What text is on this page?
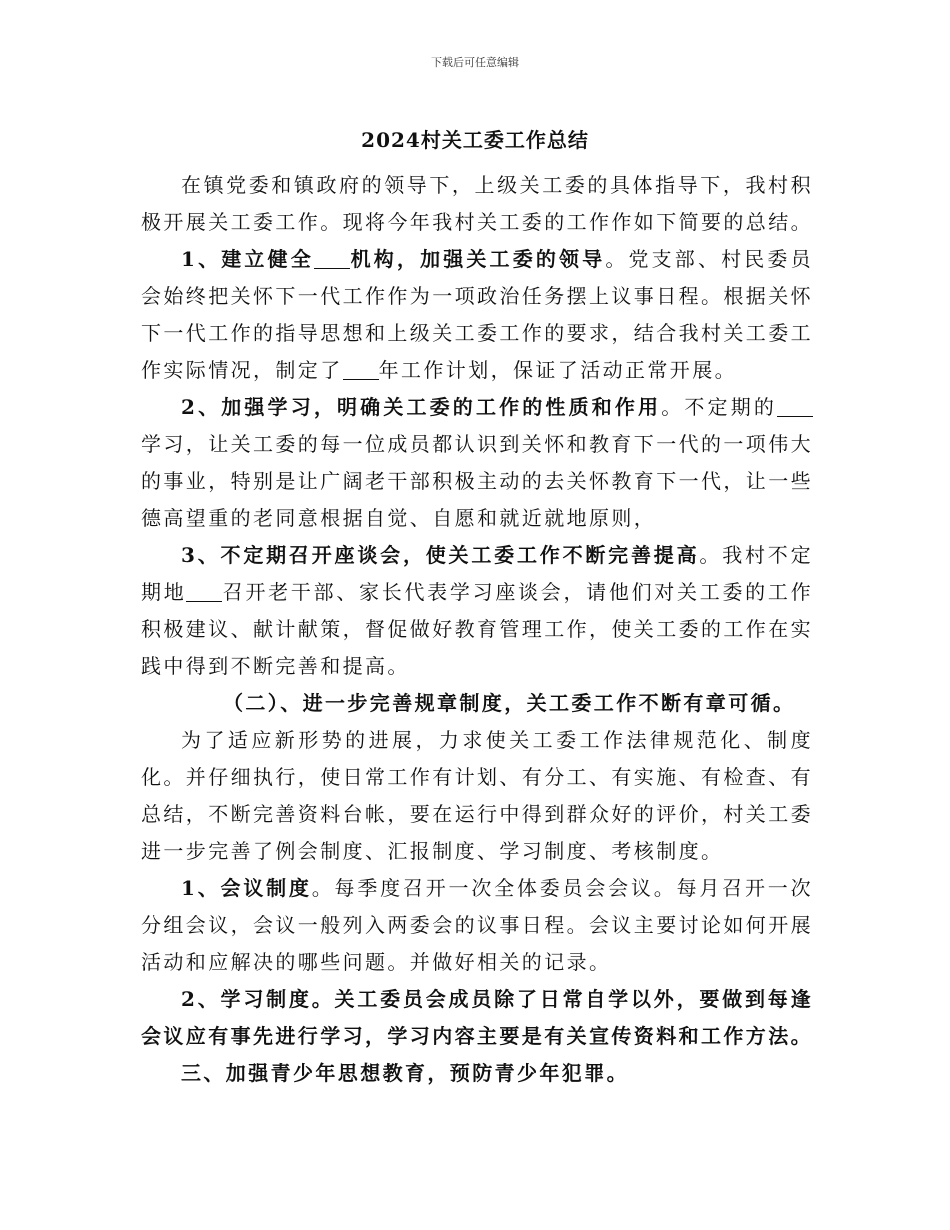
下载后可任意编辑
2024村关工委工作总结

在镇党委和镇政府的领导下，上级关工委的具体指导下，我村积极开展关工委工作。现将今年我村关工委的工作作如下简要的总结。

1、建立健全 机构，加强关工委的领导。党支部、村民委员会始终把关怀下一代工作作为一项政治任务摆上议事日程。根据关怀下一代工作的指导思想和上级关工委工作的要求，结合我村关工委工作实际情况，制定了 年工作计划，保证了活动正常开展。

2、加强学习，明确关工委的工作的性质和作用。不定期的学习，让关工委的每一位成员都认识到关怀和教育下一代的一项伟大的事业，特别是让广阔老干部积极主动的去关怀教育下一代，让一些德高望重的老同意根据自觉、自愿和就近就地原则，

3、不定期召开座谈会，使关工委工作不断完善提高。我村不定期地 召开老干部、家长代表学习座谈会，请他们对关工委的工作积极建议、献计献策，督促做好教育管理工作，使关工委的工作在实践中得到不断完善和提高。

（二）、进一步完善规章制度，关工委工作不断有章可循。

为了适应新形势的进展，力求使关工委工作法律规范化、制度化。并仔细执行，使日常工作有计划、有分工、有实施、有检查、有总结，不断完善资料台帐，要在运行中得到群众好的评价，村关工委进一步完善了例会制度、汇报制度、学习制度、考核制度。

1、会议制度。每季度召开一次全体委员会会议。每月召开一次分组会议，会议一般列入两委会的议事日程。会议主要讨论如何开展活动和应解决的哪些问题。并做好相关的记录。

2、学习制度。关工委员会成员除了日常自学以外，要做到每逢会议应有事先进行学习，学习内容主要是有关宣传资料和工作方法。

三、加强青少年思想教育，预防青少年犯罪。
